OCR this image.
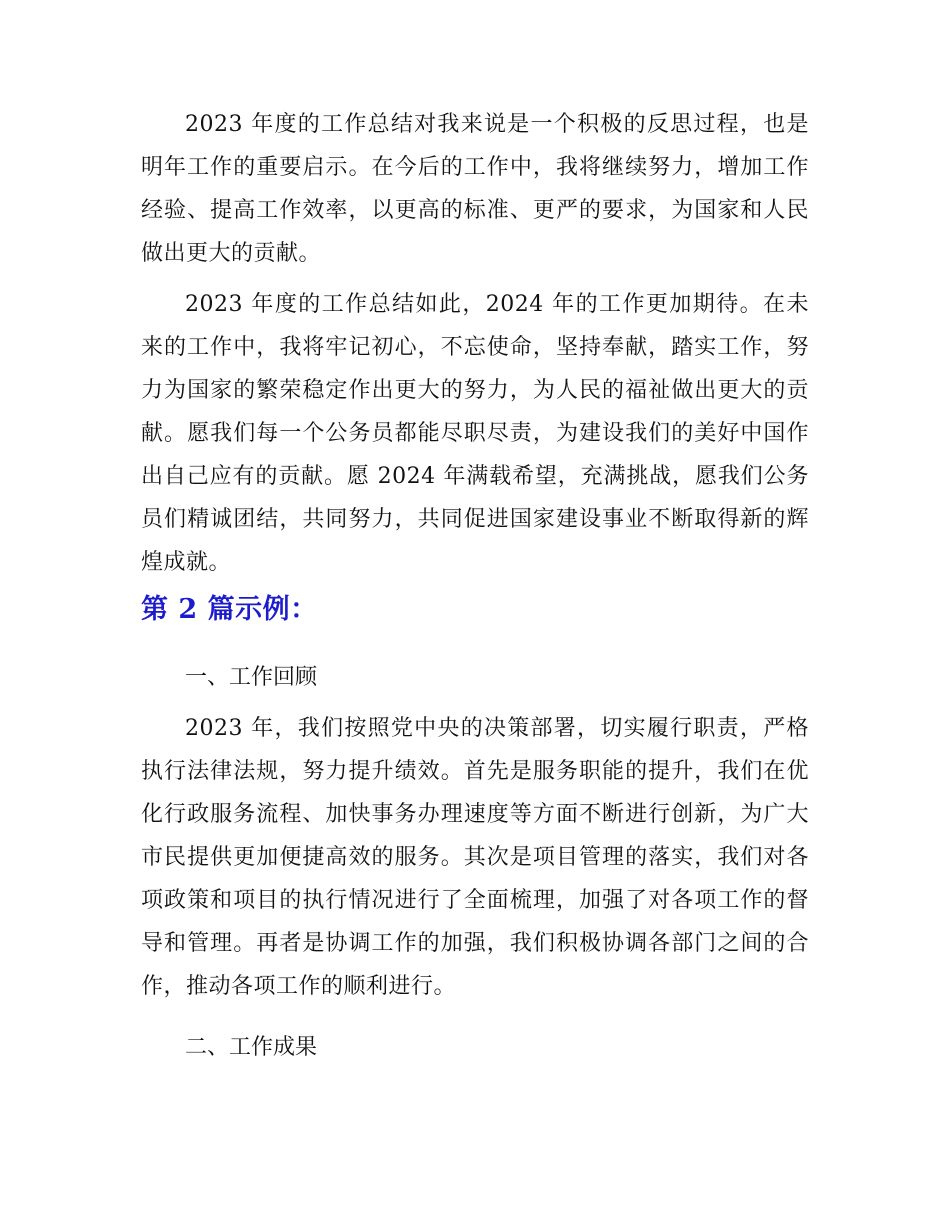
2023 年度的工作总结对我来说是一个积极的反思过程，也是明年工作的重要启示。在今后的工作中，我将继续努力，增加工作经验、提高工作效率，以更高的标准、更严的要求，为国家和人民做出更大的贡献。

2023 年度的工作总结如此，2024 年的工作更加期待。在未来的工作中，我将牢记初心，不忘使命，坚持奉献，踏实工作，努力为国家的繁荣稳定作出更大的努力，为人民的福祉做出更大的贡献。愿我们每一个公务员都能尽职尽责，为建设我们的美好中国作出自己应有的贡献。愿 2024 年满载希望，充满挑战，愿我们公务员们精诚团结，共同努力，共同促进国家建设事业不断取得新的辉煌成就。

第 2 篇示例：

一、工作回顾

2023 年，我们按照党中央的决策部署，切实履行职责，严格执行法律法规，努力提升绩效。首先是服务职能的提升，我们在优化行政服务流程、加快事务办理速度等方面不断进行创新，为广大市民提供更加便捷高效的服务。其次是项目管理的落实，我们对各项政策和项目的执行情况进行了全面梳理，加强了对各项工作的督导和管理。再者是协调工作的加强，我们积极协调各部门之间的合作，推动各项工作的顺利进行。

二、工作成果
